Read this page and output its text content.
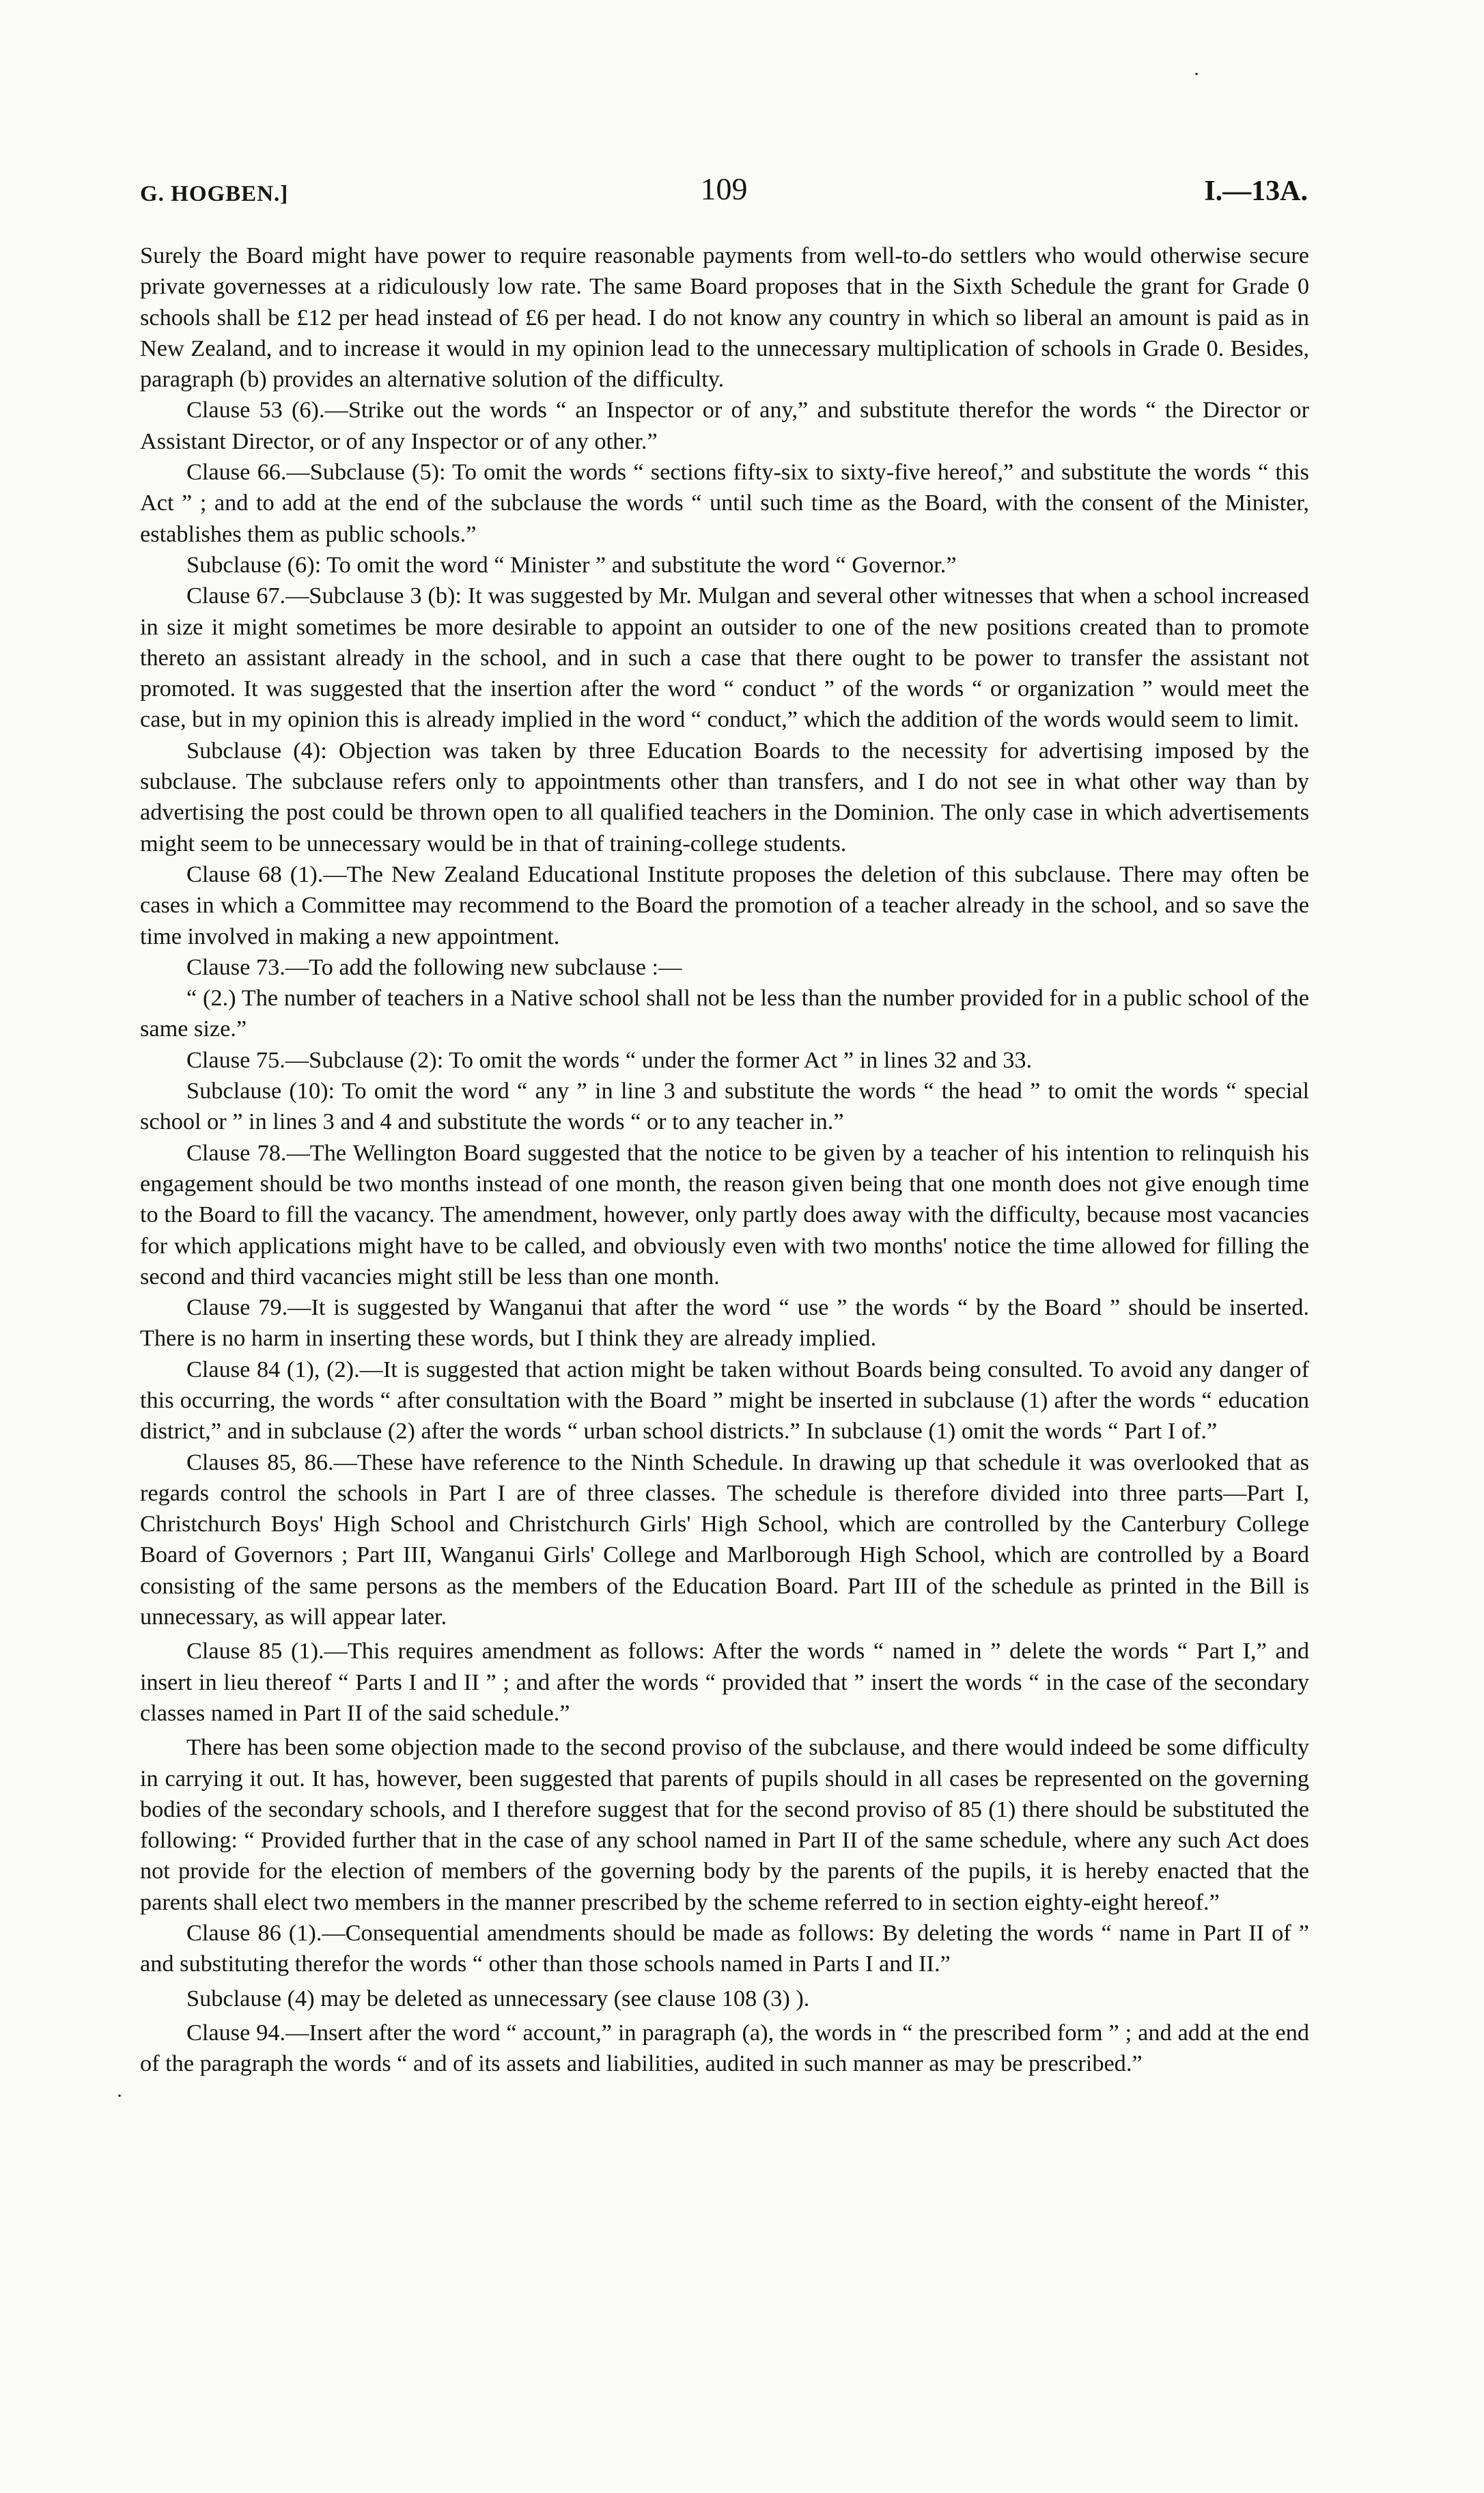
G. HOGBEN.]	109	I.—13A.
·

Surely the Board might have power to require reasonable payments from well-to-do settlers who would otherwise secure private governesses at a ridiculously low rate. The same Board proposes that in the Sixth Schedule the grant for Grade 0 schools shall be £12 per head instead of £6 per head. I do not know any country in which so liberal an amount is paid as in New Zealand, and to increase it would in my opinion lead to the unnecessary multiplication of schools in Grade 0. Besides, paragraph (b) provides an alternative solution of the difficulty.

Clause 53 (6).—Strike out the words “ an Inspector or of any,” and substitute therefor the words “ the Director or Assistant Director, or of any Inspector or of any other.”

Clause 66.—Subclause (5): To omit the words “ sections fifty-six to sixty-five hereof,” and substitute the words “ this Act ” ; and to add at the end of the subclause the words “ until such time as the Board, with the consent of the Minister, establishes them as public schools.”

Subclause (6): To omit the word “ Minister ” and substitute the word “ Governor.”

Clause 67.—Subclause 3 (b): It was suggested by Mr. Mulgan and several other witnesses that when a school increased in size it might sometimes be more desirable to appoint an outsider to one of the new positions created than to promote thereto an assistant already in the school, and in such a case that there ought to be power to transfer the assistant not promoted. It was suggested that the insertion after the word “ conduct ” of the words “ or organization ” would meet the case, but in my opinion this is already implied in the word “ conduct,” which the addition of the words would seem to limit.

Subclause (4): Objection was taken by three Education Boards to the necessity for advertising imposed by the subclause. The subclause refers only to appointments other than transfers, and I do not see in what other way than by advertising the post could be thrown open to all qualified teachers in the Dominion. The only case in which advertisements might seem to be unnecessary would be in that of training-college students.

Clause 68 (1).—The New Zealand Educational Institute proposes the deletion of this subclause. There may often be cases in which a Committee may recommend to the Board the promotion of a teacher already in the school, and so save the time involved in making a new appointment.

Clause 73.—To add the following new subclause :—

“ (2.) The number of teachers in a Native school shall not be less than the number provided for in a public school of the same size.”

Clause 75.—Subclause (2): To omit the words “ under the former Act ” in lines 32 and 33.

Subclause (10): To omit the word “ any ” in line 3 and substitute the words “ the head ” to omit the words “ special school or ” in lines 3 and 4 and substitute the words “ or to any teacher in.”

Clause 78.—The Wellington Board suggested that the notice to be given by a teacher of his intention to relinquish his engagement should be two months instead of one month, the reason given being that one month does not give enough time to the Board to fill the vacancy. The amendment, however, only partly does away with the difficulty, because most vacancies for which applications might have to be called, and obviously even with two months' notice the time allowed for filling the second and third vacancies might still be less than one month.

Clause 79.—It is suggested by Wanganui that after the word “ use ” the words “ by the Board ” should be inserted. There is no harm in inserting these words, but I think they are already implied.

Clause 84 (1), (2).—It is suggested that action might be taken without Boards being consulted. To avoid any danger of this occurring, the words “ after consultation with the Board ” might be inserted in subclause (1) after the words “ education district,” and in subclause (2) after the words “ urban school districts.” In subclause (1) omit the words “ Part I of.”

Clauses 85, 86.—These have reference to the Ninth Schedule. In drawing up that schedule it was overlooked that as regards control the schools in Part I are of three classes. The schedule is therefore divided into three parts—Part I, Christchurch Boys' High School and Christchurch Girls' High School, which are controlled by the Canterbury College Board of Governors ; Part III, Wanganui Girls' College and Marlborough High School, which are controlled by a Board consisting of the same persons as the members of the Education Board. Part III of the schedule as printed in the Bill is unnecessary, as will appear later.

Clause 85 (1).—This requires amendment as follows: After the words “ named in ” delete the words “ Part I,” and insert in lieu thereof “ Parts I and II ” ; and after the words “ provided that ” insert the words “ in the case of the secondary classes named in Part II of the said schedule.”

There has been some objection made to the second proviso of the subclause, and there would indeed be some difficulty in carrying it out. It has, however, been suggested that parents of pupils should in all cases be represented on the governing bodies of the secondary schools, and I therefore suggest that for the second proviso of 85 (1) there should be substituted the following: “ Provided further that in the case of any school named in Part II of the same schedule, where any such Act does not provide for the election of members of the governing body by the parents of the pupils, it is hereby enacted that the parents shall elect two members in the manner prescribed by the scheme referred to in section eighty-eight hereof.”

Clause 86 (1).—Consequential amendments should be made as follows: By deleting the words “ name in Part II of ” and substituting therefor the words “ other than those schools named in Parts I and II.”

Subclause (4) may be deleted as unnecessary (see clause 108 (3) ).

Clause 94.—Insert after the word “ account,” in paragraph (a), the words in “ the prescribed form ” ; and add at the end of the paragraph the words “ and of its assets and liabilities, audited in such manner as may be prescribed.”

·
